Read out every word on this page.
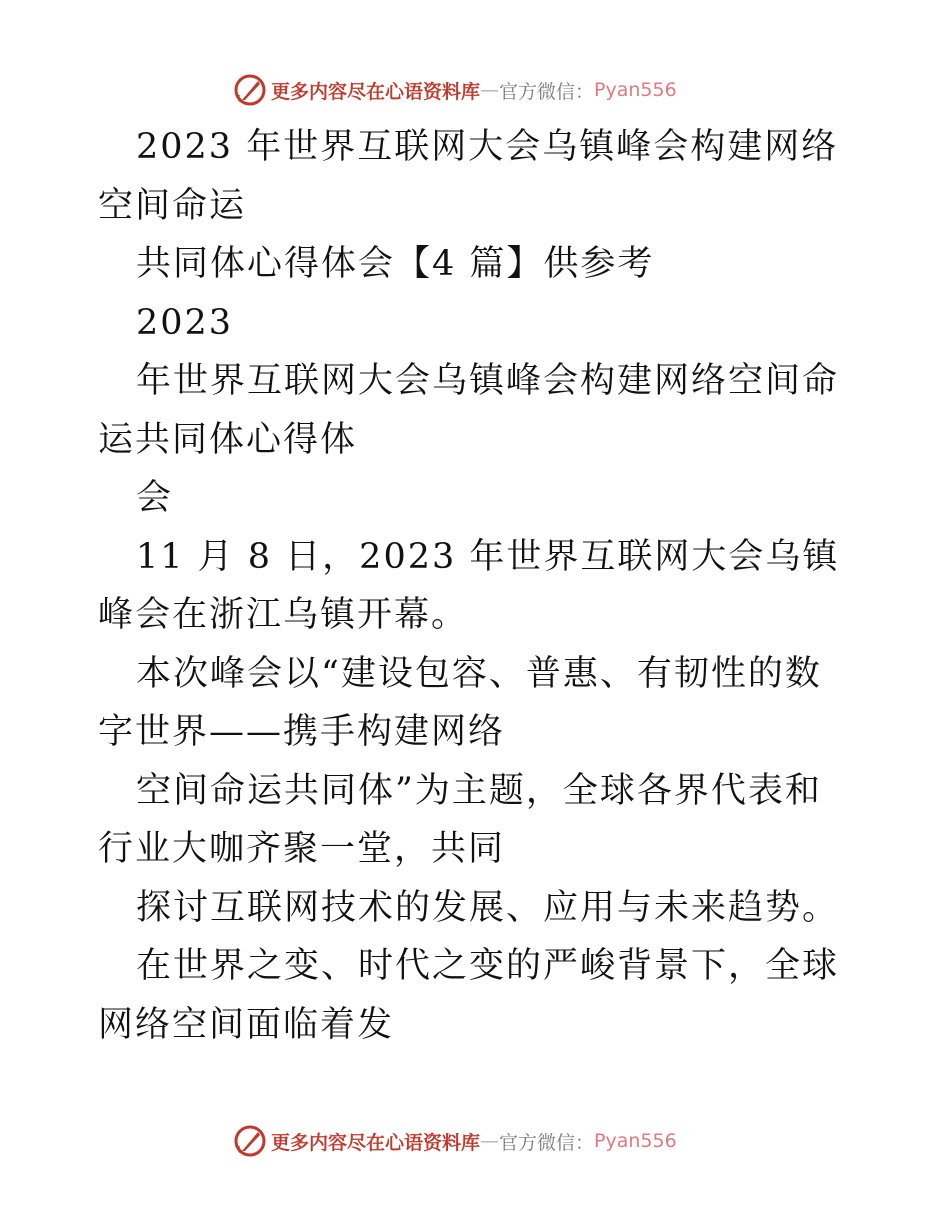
更多内容尽在心语资料库 — 官方微信： Pyan556

2023 年世界互联网大会乌镇峰会构建网络空间命运

共同体心得体会【4 篇】供参考

2023

年世界互联网大会乌镇峰会构建网络空间命运共同体心得体

会

11 月 8 日，2023 年世界互联网大会乌镇峰会在浙江乌镇开幕。

本次峰会以“建设包容、普惠、有韧性的数字世界——携手构建网络

空间命运共同体”为主题，全球各界代表和行业大咖齐聚一堂，共同

探讨互联网技术的发展、应用与未来趋势。

在世界之变、时代之变的严峻背景下，全球网络空间面临着发

更多内容尽在心语资料库 — 官方微信： Pyan556
